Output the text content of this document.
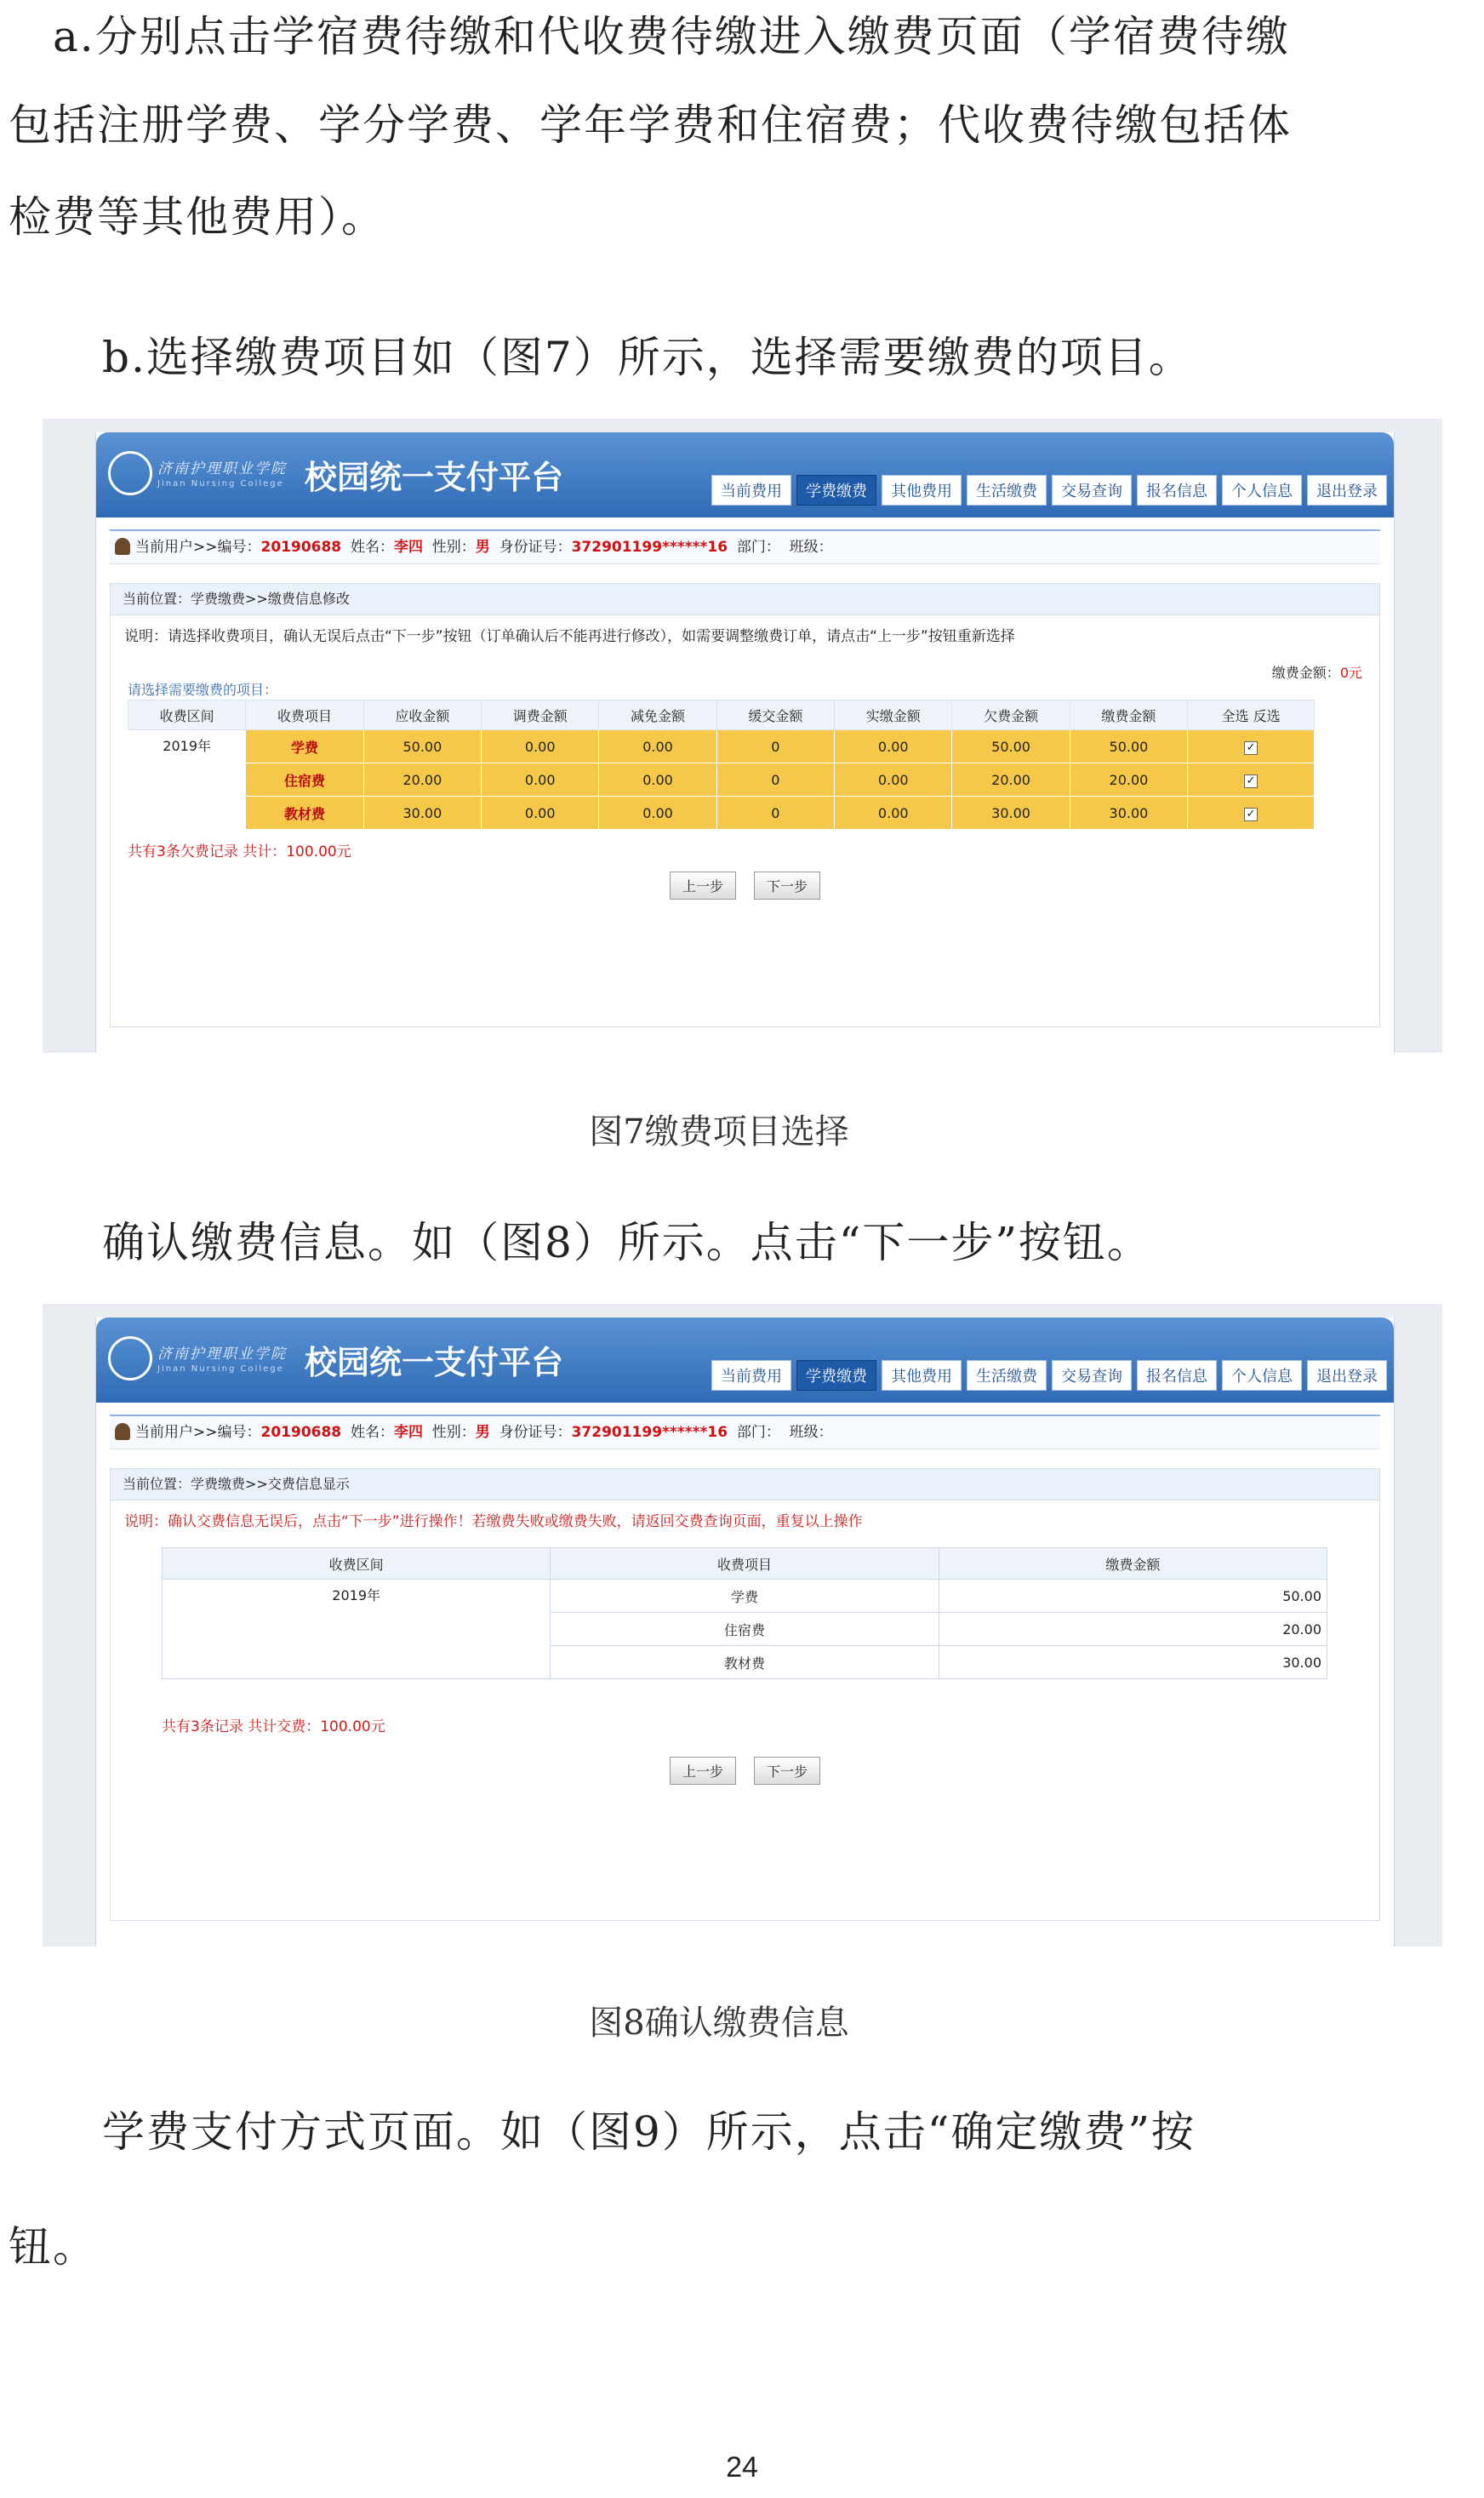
a.分别点击学宿费待缴和代收费待缴进入缴费页面（学宿费待缴

包括注册学费、学分学费、学年学费和住宿费；代收费待缴包括体

检费等其他费用）。

b.选择缴费项目如（图7）所示，选择需要缴费的项目。

济南护理职业学院
Jinan Nursing College 校园统一支付平台	当前费用	学费缴费	其他费用	生活缴费	交易查询	报名信息	个人信息	退出登录
当前用户>>编号：20190688 姓名：李四 性别：男 身份证号：372901199******16 部门： 班级：
当前位置：学费缴费>>缴费信息修改
说明：请选择收费项目，确认无误后点击“下一步”按钮（订单确认后不能再进行修改），如需要调整缴费订单，请点击“上一步”按钮重新选择
缴费金额：0元
请选择需要缴费的项目：
收费区间	收费项目	应收金额	调费金额	减免金额	缓交金额	实缴金额	欠费金额	缴费金额	全选 反选
2019年	学费	50.00	0.00	0.00	0	0.00	50.00	50.00	✓
	住宿费	20.00	0.00	0.00	0	0.00	20.00	20.00	✓
	教材费	30.00	0.00	0.00	0	0.00	30.00	30.00	✓
共有3条欠费记录 共计：100.00元
上一步	下一步

图7缴费项目选择

确认缴费信息。如（图8）所示。点击“下一步”按钮。

济南护理职业学院
Jinan Nursing College 校园统一支付平台	当前费用	学费缴费	其他费用	生活缴费	交易查询	报名信息	个人信息	退出登录
当前用户>>编号：20190688 姓名：李四 性别：男 身份证号：372901199******16 部门： 班级：
当前位置：学费缴费>>交费信息显示
说明：确认交费信息无误后，点击“下一步”进行操作！若缴费失败或缴费失败，请返回交费查询页面，重复以上操作
收费区间	收费项目	缴费金额
2019年	学费	50.00
	住宿费	20.00
	教材费	30.00
共有3条记录 共计交费：100.00元
上一步	下一步

图8确认缴费信息

学费支付方式页面。如（图9）所示，点击“确定缴费”按

钮。

24
